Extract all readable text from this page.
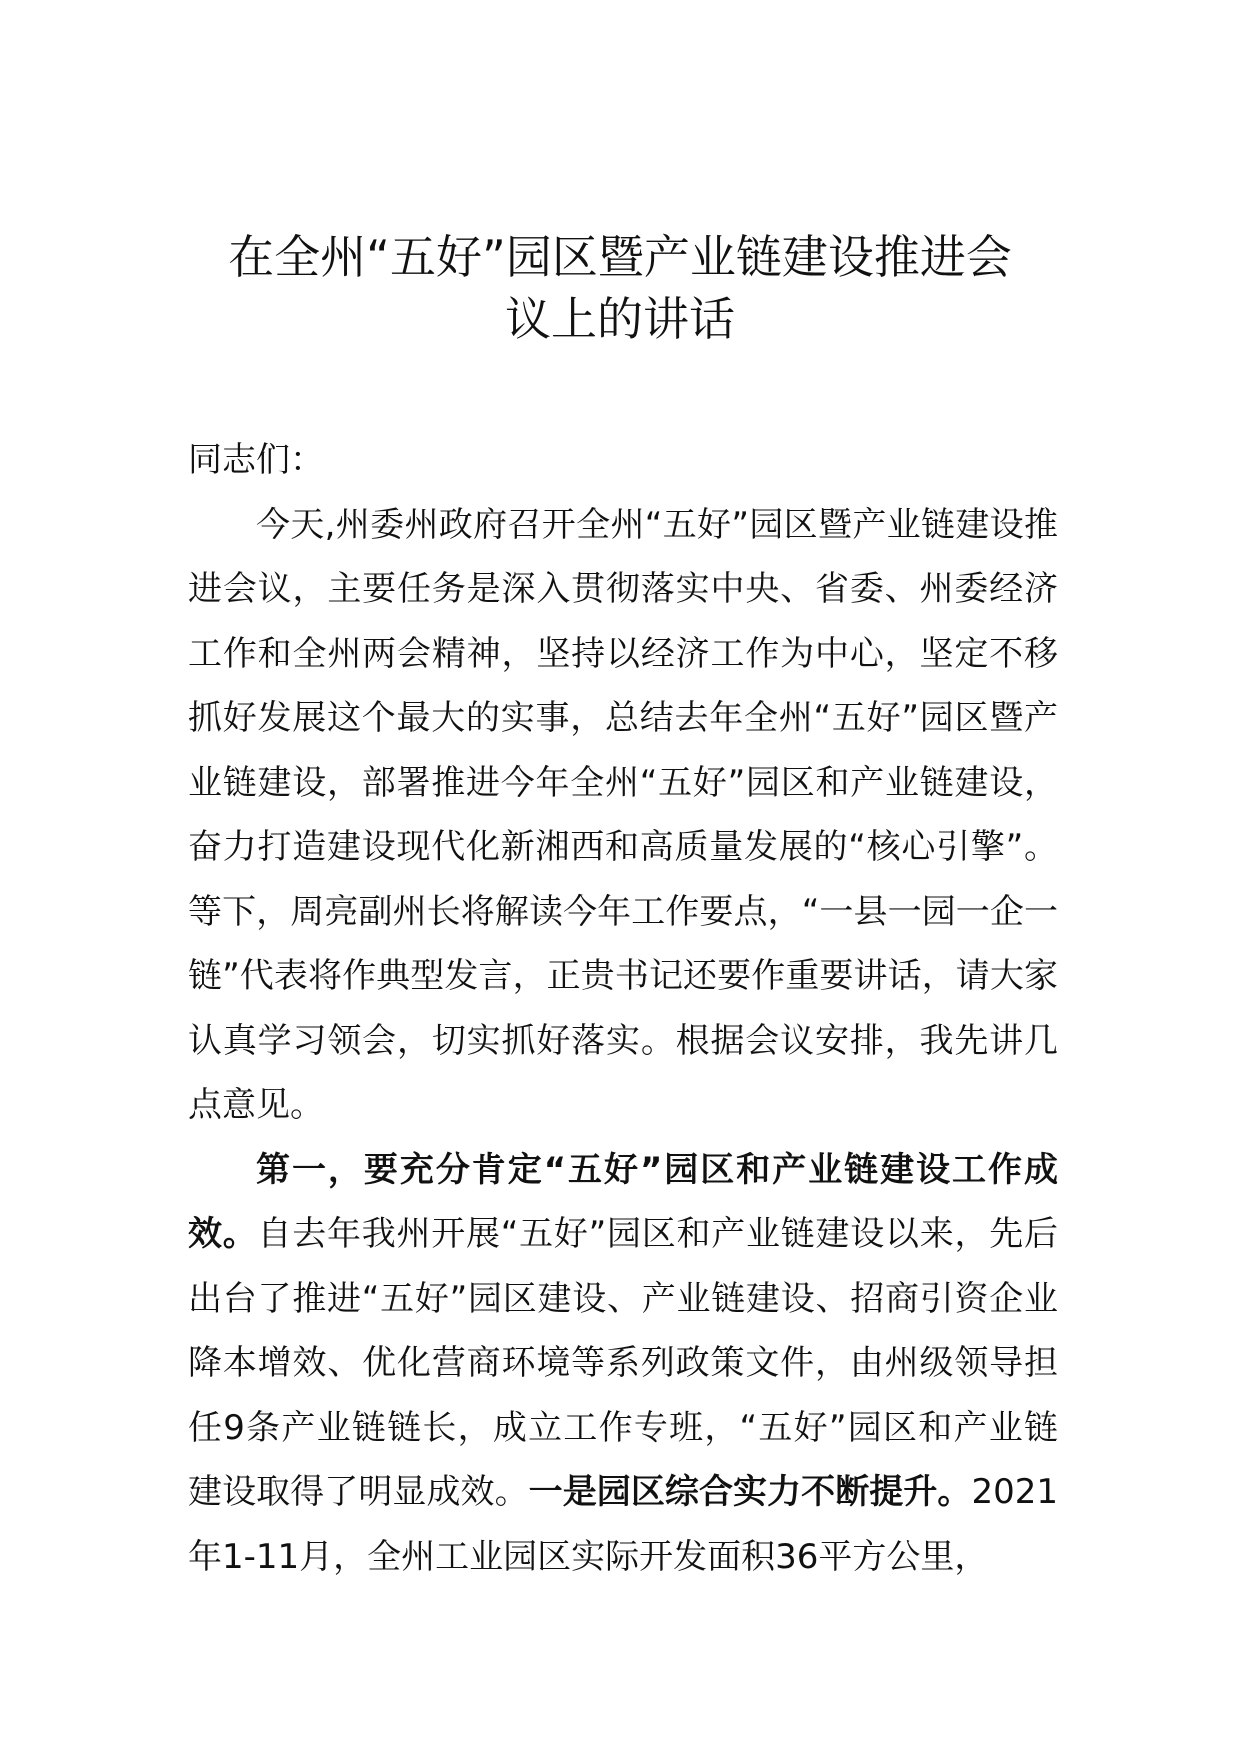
在全州“五好”园区暨产业链建设推进会
议上的讲话

同志们：

今天,州委州政府召开全州“五好”园区暨产业链建设推进会议，主要任务是深入贯彻落实中央、省委、州委经济工作和全州两会精神，坚持以经济工作为中心，坚定不移抓好发展这个最大的实事，总结去年全州“五好”园区暨产业链建设，部署推进今年全州“五好”园区和产业链建设，奋力打造建设现代化新湘西和高质量发展的“核心引擎”。等下，周亮副州长将解读今年工作要点，“一县一园一企一链”代表将作典型发言，正贵书记还要作重要讲话，请大家认真学习领会，切实抓好落实。根据会议安排，我先讲几点意见。

第一，要充分肯定“五好”园区和产业链建设工作成效。自去年我州开展“五好”园区和产业链建设以来，先后出台了推进“五好”园区建设、产业链建设、招商引资企业降本增效、优化营商环境等系列政策文件，由州级领导担任9条产业链链长，成立工作专班，“五好”园区和产业链建设取得了明显成效。一是园区综合实力不断提升。2021年1-11月，全州工业园区实际开发面积36平方公里，
